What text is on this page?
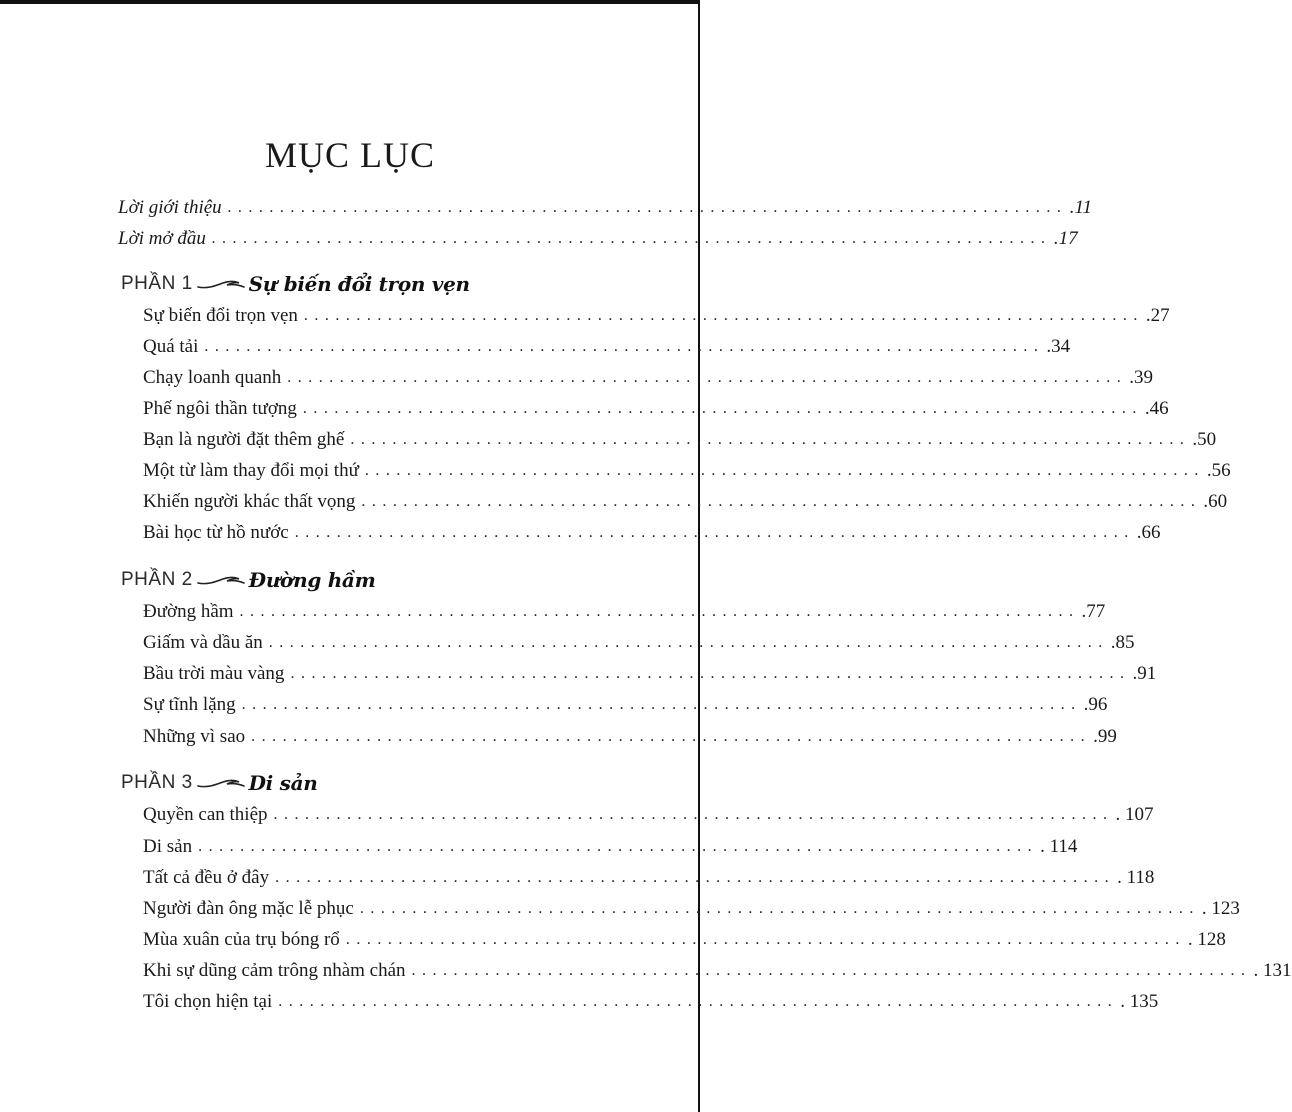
MỤC LỤC
Lời giới thiệu ................................................................................ .11
Lời mở đầu ................................................................................ .17
PHẦN 1	Sự biến đổi trọn vẹn
Sự biến đổi trọn vẹn ................................................................................ .27
Quá tải ................................................................................ .34
Chạy loanh quanh ................................................................................ .39
Phế ngôi thần tượng ................................................................................ .46
Bạn là người đặt thêm ghế ................................................................................ .50
Một từ làm thay đổi mọi thứ ................................................................................ .56
Khiến người khác thất vọng ................................................................................ .60
Bài học từ hồ nước ................................................................................ .66
PHẦN 2	Đường hầm
Đường hầm ................................................................................ .77
Giấm và dầu ăn ................................................................................ .85
Bầu trời màu vàng ................................................................................ .91
Sự tĩnh lặng ................................................................................ .96
Những vì sao ................................................................................ .99
PHẦN 3	Di sản
Quyền can thiệp ................................................................................ . 107
Di sản ................................................................................ . 114
Tất cả đều ở đây ................................................................................ . 118
Người đàn ông mặc lễ phục ................................................................................ . 123
Mùa xuân của trụ bóng rổ ................................................................................ . 128
Khi sự dũng cảm trông nhàm chán ................................................................................ . 131
Tôi chọn hiện tại ................................................................................ . 135
